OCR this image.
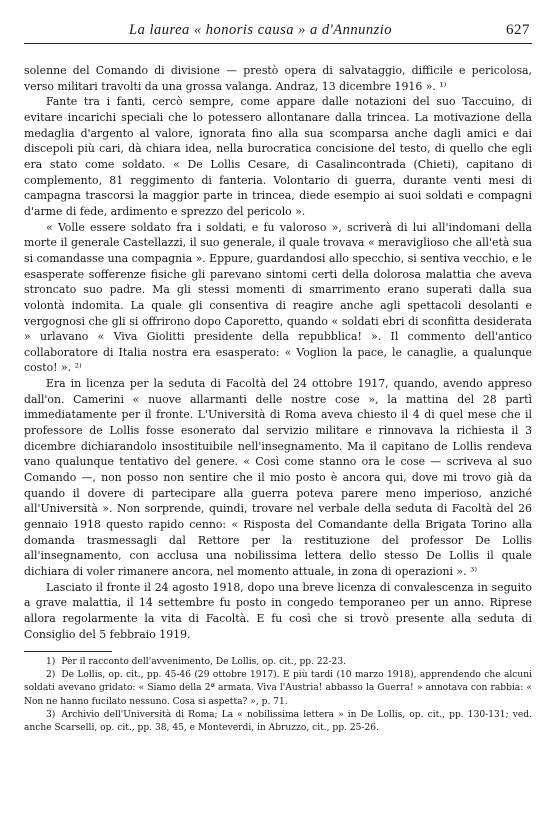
La laurea « honoris causa » a d'Annunzio	627

solenne del Comando di divisione — prestò opera di salvataggio, difficile e pericolosa, verso militari travolti da una grossa valanga. Andraz, 13 dicembre 1916 ». ¹⁾

Fante tra i fanti, cercò sempre, come appare dalle notazioni del suo Taccuino, di evitare incarichi speciali che lo potessero allontanare dalla trincea. La motivazione della medaglia d'argento al valore, ignorata fino alla sua scomparsa anche dagli amici e dai discepoli più cari, dà chiara idea, nella burocratica concisione del testo, di quello che egli era stato come soldato. « De Lollis Cesare, di Casalincontrada (Chieti), capitano di complemento, 81 reggimento di fanteria. Volontario di guerra, durante venti mesi di campagna trascorsi la maggior parte in trincea, diede esempio ai suoi soldati e compagni d'arme di fede, ardimento e sprezzo del pericolo ».

« Volle essere soldato fra i soldati, e fu valoroso », scriverà di lui all'indomani della morte il generale Castellazzi, il suo generale, il quale trovava « meraviglioso che all'età sua si comandasse una compagnia ». Eppure, guardandosi allo specchio, si sentiva vecchio, e le esasperate sofferenze fisiche gli parevano sintomi certi della dolorosa malattia che aveva stroncato suo padre. Ma gli stessi momenti di smarrimento erano superati dalla sua volontà indomita. La quale gli consentiva di reagire anche agli spettacoli desolanti e vergognosi che gli si offrirono dopo Caporetto, quando « soldati ebri di sconfitta desiderata » urlavano « Viva Giolitti presidente della repubblica! ». Il commento dell'antico collaboratore di Italia nostra era esasperato: « Voglion la pace, le canaglie, a qualunque costo! ». ²⁾

Era in licenza per la seduta di Facoltà del 24 ottobre 1917, quando, avendo appreso dall'on. Camerini « nuove allarmanti delle nostre cose », la mattina del 28 partì immediatamente per il fronte. L'Università di Roma aveva chiesto il 4 di quel mese che il professore de Lollis fosse esonerato dal servizio militare e rinnovava la richiesta il 3 dicembre dichiarandolo insostituibile nell'insegnamento. Ma il capitano de Lollis rendeva vano qualunque tentativo del genere. « Così come stanno ora le cose — scriveva al suo Comando —, non posso non sentire che il mio posto è ancora qui, dove mi trovo già da quando il dovere di partecipare alla guerra poteva parere meno imperioso, anziché all'Università ». Non sorprende, quindi, trovare nel verbale della seduta di Facoltà del 26 gennaio 1918 questo rapido cenno: « Risposta del Comandante della Brigata Torino alla domanda trasmessagli dal Rettore per la restituzione del professor De Lollis all'insegnamento, con acclusa una nobilissima lettera dello stesso De Lollis il quale dichiara di voler rimanere ancora, nel momento attuale, in zona di operazioni ». ³⁾

Lasciato il fronte il 24 agosto 1918, dopo una breve licenza di convalescenza in seguito a grave malattia, il 14 settembre fu posto in congedo temporaneo per un anno. Riprese allora regolarmente la vita di Facoltà. E fu così che si trovò presente alla seduta di Consiglio del 5 febbraio 1919.

1) Per il racconto dell'avvenimento, De Lollis, op. cit., pp. 22-23.

2) De Lollis, op. cit., pp. 45-46 (29 ottobre 1917). E più tardi (10 marzo 1918), apprendendo che alcuni soldati avevano gridato: « Siamo della 2ª armata. Viva l'Austria! abbasso la Guerra! » annotava con rabbia: « Non ne hanno fucilato nessuno. Cosa si aspetta? », p. 71.

3) Archivio dell'Università di Roma; La « nobilissima lettera » in De Lollis, op. cit., pp. 130-131; ved. anche Scarselli, op. cit., pp. 38, 45, e Monteverdi, in Abruzzo, cit., pp. 25-26.
